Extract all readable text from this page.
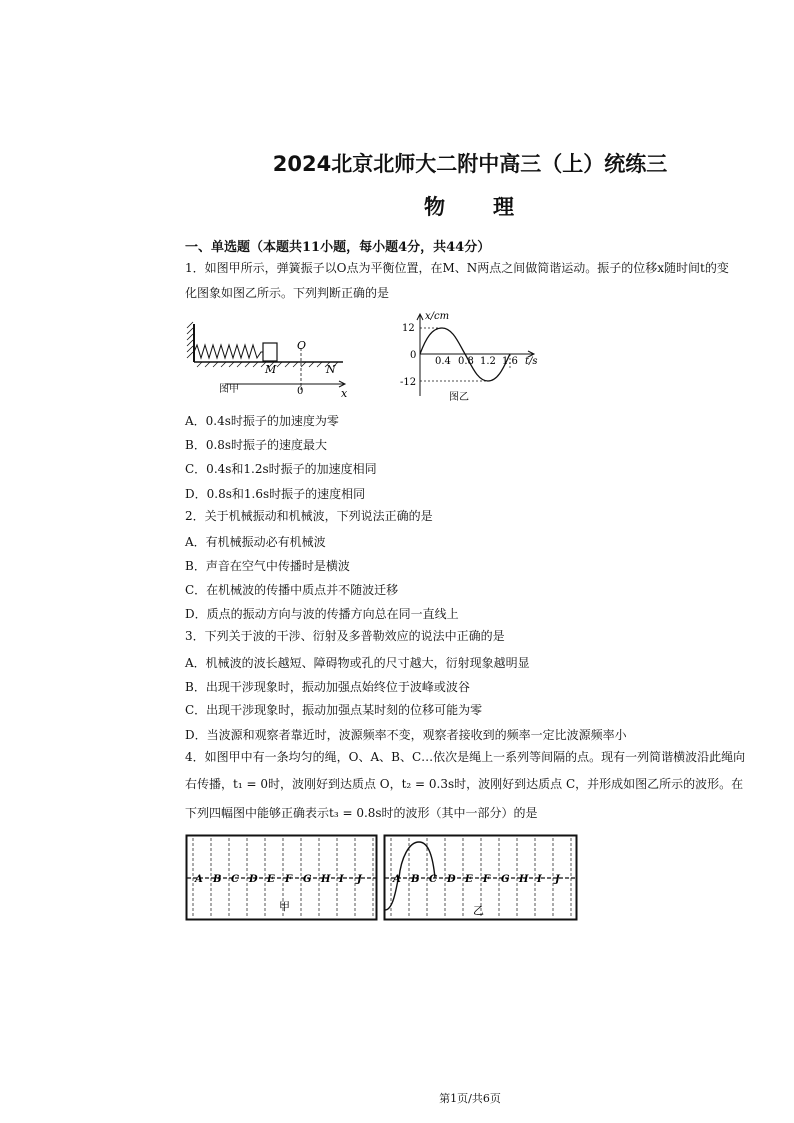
2024北京北师大二附中高三（上）统练三
物　　理
一、单选题（本题共11小题，每小题4分，共44分）
1．如图甲所示，弹簧振子以O点为平衡位置，在M、N两点之间做简谐运动。振子的位移x随时间t的变
化图象如图乙所示。下列判断正确的是
M
O
N
0	x
图甲
x/cm
12
0
-12
0.4 0.8 1.2 1.6 t/s
图乙
A．0.4s时振子的加速度为零
B．0.8s时振子的速度最大
C．0.4s和1.2s时振子的加速度相同
D．0.8s和1.6s时振子的速度相同
2．关于机械振动和机械波，下列说法正确的是
A．有机械振动必有机械波
B．声音在空气中传播时是横波
C．在机械波的传播中质点并不随波迁移
D．质点的振动方向与波的传播方向总在同一直线上
3．下列关于波的干涉、衍射及多普勒效应的说法中正确的是
A．机械波的波长越短、障碍物或孔的尺寸越大，衍射现象越明显
B．出现干涉现象时，振动加强点始终位于波峰或波谷
C．出现干涉现象时，振动加强点某时刻的位移可能为零
D．当波源和观察者靠近时，波源频率不变，观察者接收到的频率一定比波源频率小
4．如图甲中有一条均匀的绳，O、A、B、C…依次是绳上一系列等间隔的点。现有一列简谐横波沿此绳向
右传播，t₁ = 0时，波刚好到达质点 O，t₂ = 0.3s时，波刚好到达质点 C，并形成如图乙所示的波形。在
下列四幅图中能够正确表示t₃ = 0.8s时的波形（其中一部分）的是
A B C D E F G H I J
甲
A B C D E F G H I J
乙
第1页/共6页
